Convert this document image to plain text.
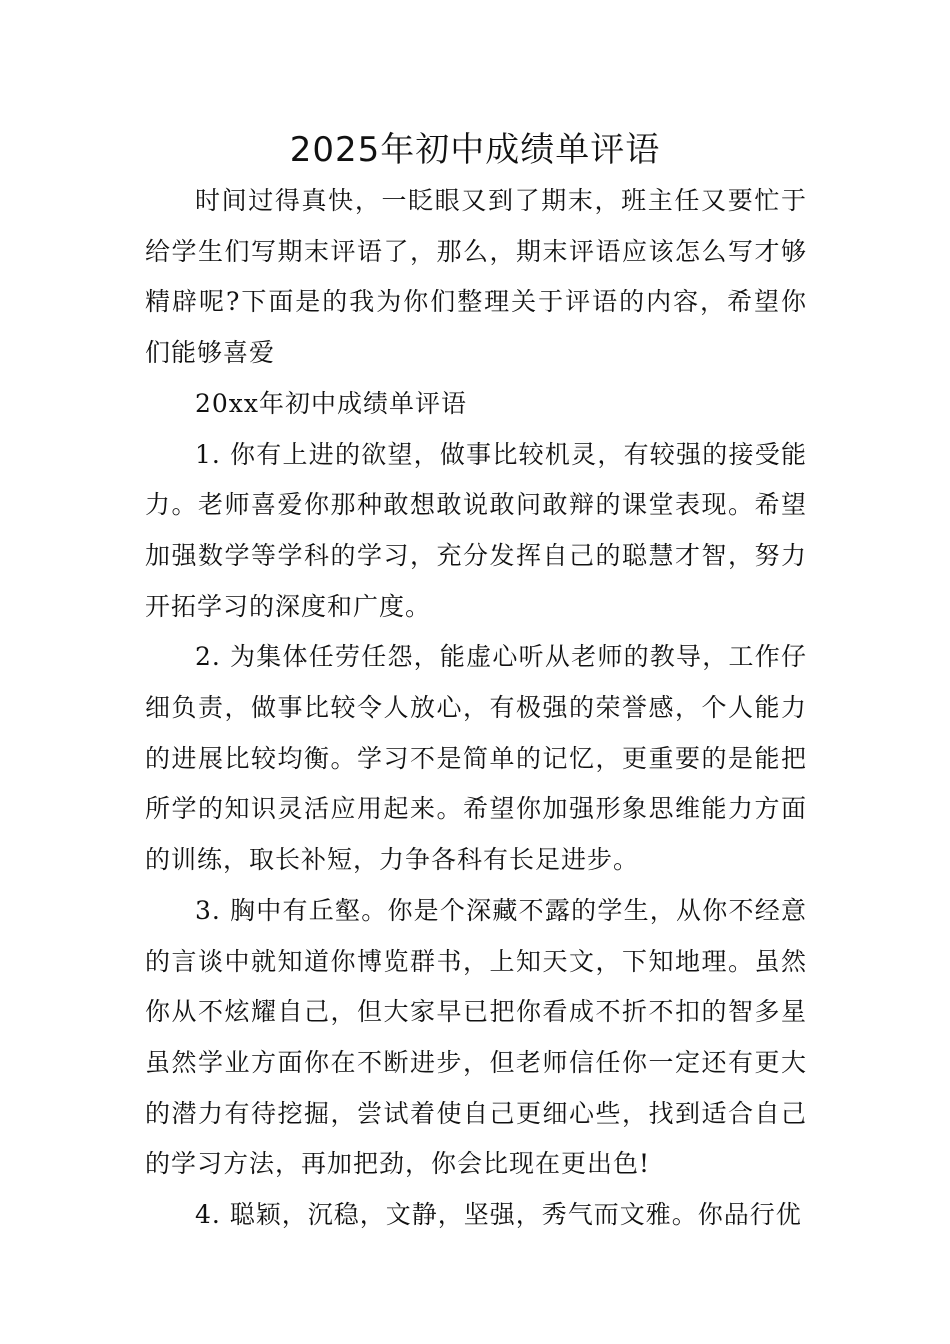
2025年初中成绩单评语

时间过得真快，一眨眼又到了期末，班主任又要忙于给学生们写期末评语了，那么，期末评语应该怎么写才够精辟呢?下面是的我为你们整理关于评语的内容，希望你们能够喜爱

20xx年初中成绩单评语

1. 你有上进的欲望，做事比较机灵，有较强的接受能力。老师喜爱你那种敢想敢说敢问敢辩的课堂表现。希望加强数学等学科的学习，充分发挥自己的聪慧才智，努力开拓学习的深度和广度。

2. 为集体任劳任怨，能虚心听从老师的教导，工作仔细负责，做事比较令人放心，有极强的荣誉感，个人能力的进展比较均衡。学习不是简单的记忆，更重要的是能把所学的知识灵活应用起来。希望你加强形象思维能力方面的训练，取长补短，力争各科有长足进步。

3. 胸中有丘壑。你是个深藏不露的学生，从你不经意的言谈中就知道你博览群书，上知天文，下知地理。虽然你从不炫耀自己，但大家早已把你看成不折不扣的智多星虽然学业方面你在不断进步，但老师信任你一定还有更大的潜力有待挖掘，尝试着使自己更细心些，找到适合自己的学习方法，再加把劲，你会比现在更出色!

4. 聪颖，沉稳，文静，坚强，秀气而文雅。你品行优
